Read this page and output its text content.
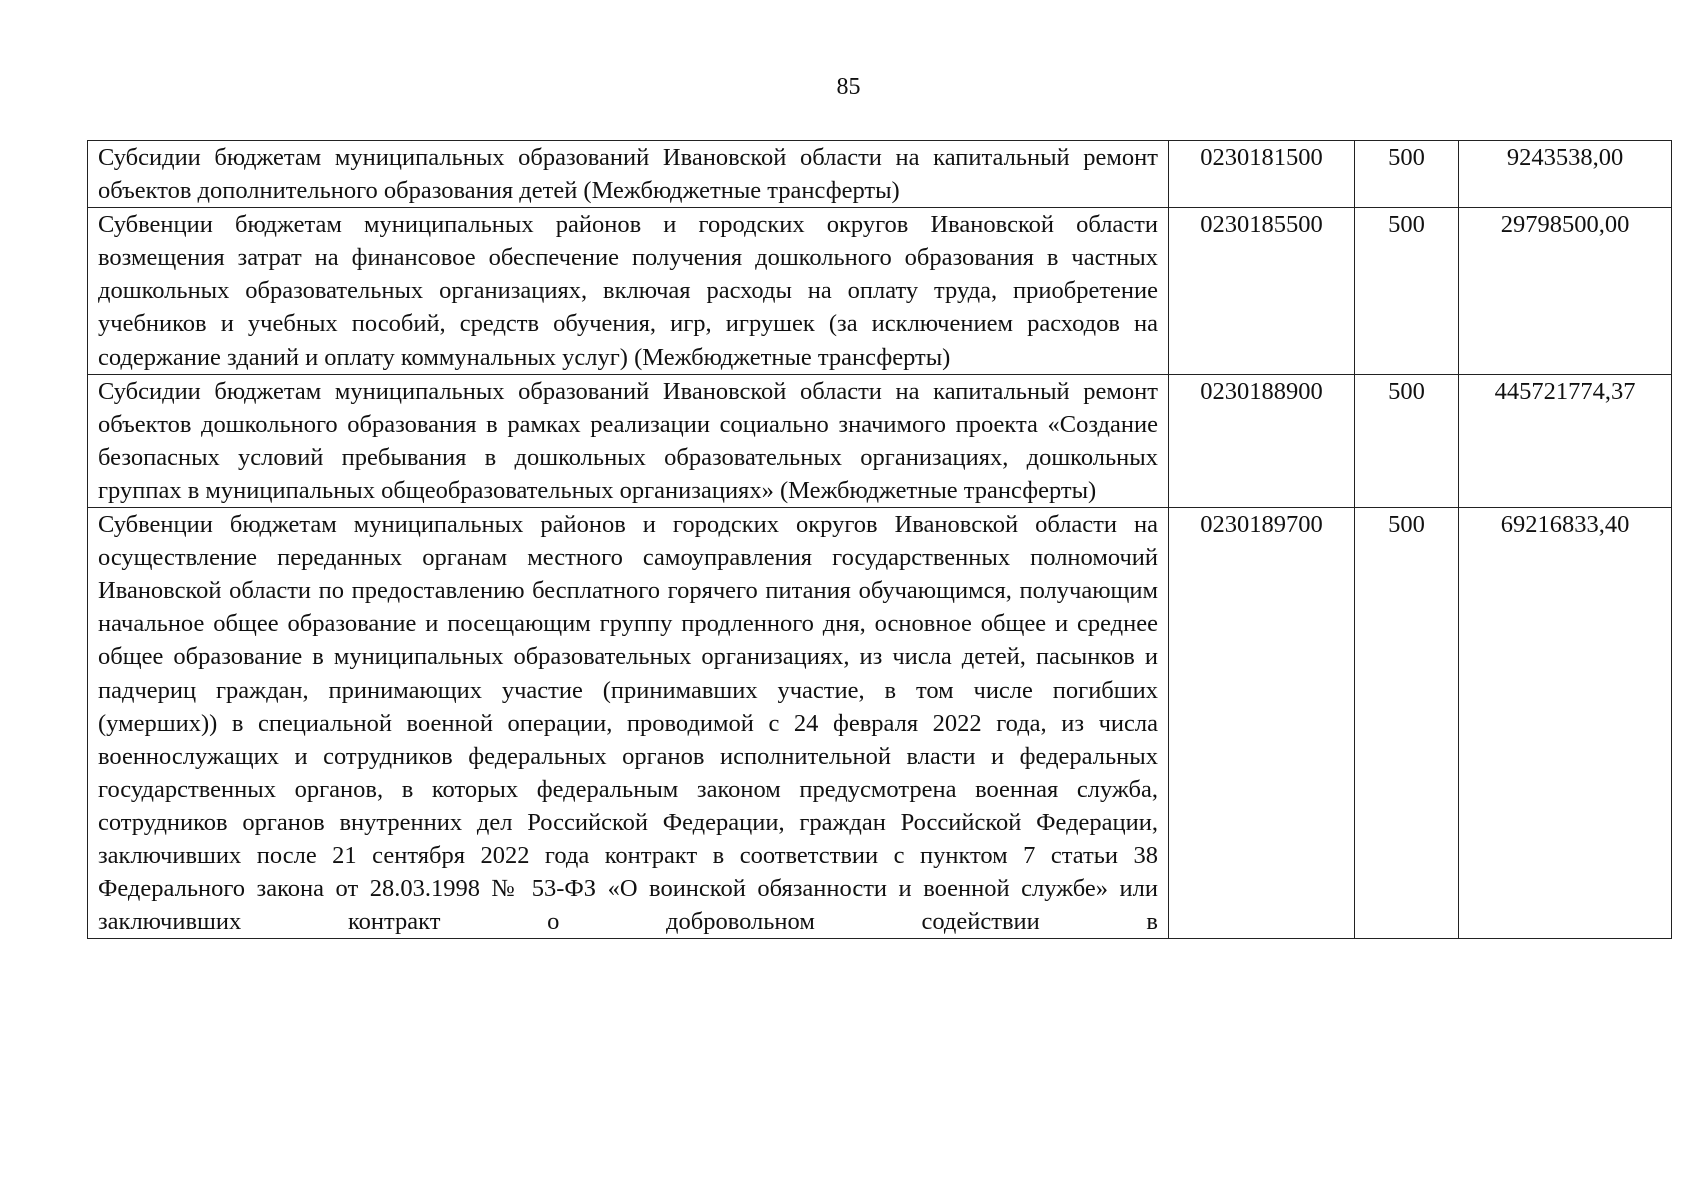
85
Субсидии бюджетам муниципальных образований Ивановской области на капитальный ремонт объектов дополнительного образования детей (Межбюджетные трансферты)	0230181500	500	9243538,00
Субвенции бюджетам муниципальных районов и городских округов Ивановской области возмещения затрат на финансовое обеспечение получения дошкольного образования в частных дошкольных образовательных организациях, включая расходы на оплату труда, приобретение учебников и учебных пособий, средств обучения, игр, игрушек (за исключением расходов на содержание зданий и оплату коммунальных услуг) (Межбюджетные трансферты)	0230185500	500	29798500,00
Субсидии бюджетам муниципальных образований Ивановской области на капитальный ремонт объектов дошкольного образования в рамках реализации социально значимого проекта «Создание безопасных условий пребывания в дошкольных образовательных организациях, дошкольных группах в муниципальных общеобразовательных организациях» (Межбюджетные трансферты)	0230188900	500	445721774,37
Субвенции бюджетам муниципальных районов и городских округов Ивановской области на осуществление переданных органам местного самоуправления государственных полномочий Ивановской области по предоставлению бесплатного горячего питания обучающимся, получающим начальное общее образование и посещающим группу продленного дня, основное общее и среднее общее образование в муниципальных образовательных организациях, из числа детей, пасынков и падчериц граждан, принимающих участие (принимавших участие, в том числе погибших (умерших)) в специальной военной операции, проводимой с 24 февраля 2022 года, из числа военнослужащих и сотрудников федеральных органов исполнительной власти и федеральных государственных органов, в которых федеральным законом предусмотрена военная служба, сотрудников органов внутренних дел Российской Федерации, граждан Российской Федерации, заключивших после 21 сентября 2022 года контракт в соответствии с пунктом 7 статьи 38 Федерального закона от 28.03.1998 № 53-ФЗ «О воинской обязанности и военной службе» или заключивших контракт о добровольном содействии в	0230189700	500	69216833,40
